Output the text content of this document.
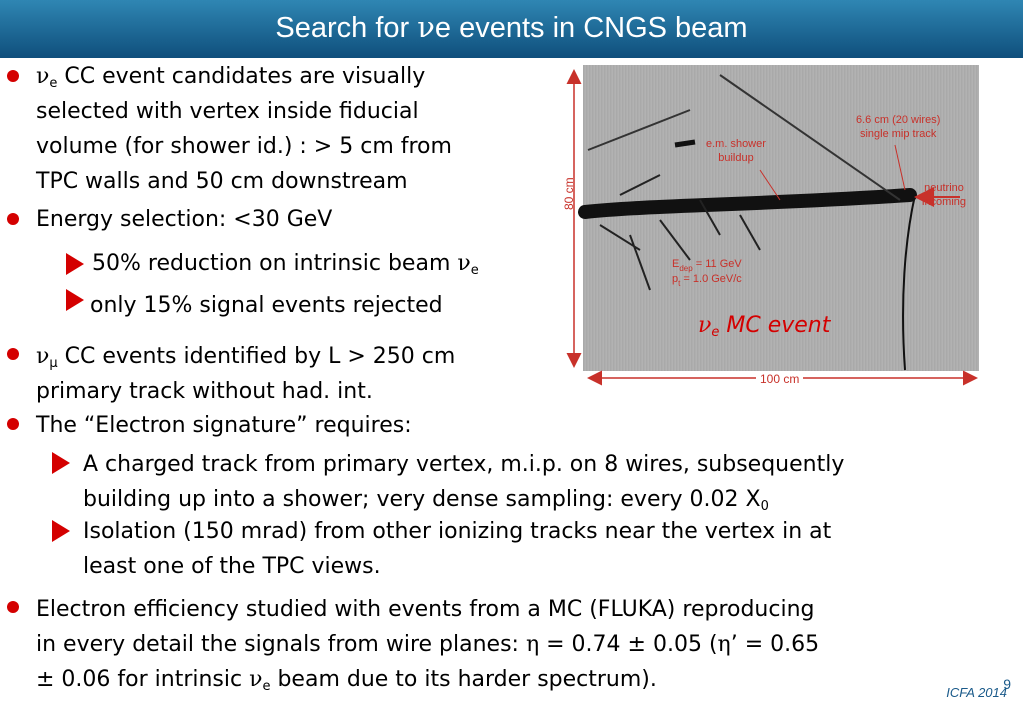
Search for νe events in CNGS beam
$\nu_e$ CC event candidates are visually
selected with vertex inside fiducial
volume (for shower id.) : > 5 cm from
TPC walls and 50 cm downstream
Energy selection: <30 GeV
50% reduction on intrinsic beam $\nu_e$
only 15% signal events rejected
$\nu_\mu$ CC events identified by L > 250 cm
primary track without had. int.
The “Electron signature” requires:
A charged track from primary vertex, m.i.p. on 8 wires, subsequently
building up into a shower; very dense sampling: every 0.02 $X_0$
Isolation (150 mrad) from other ionizing tracks near the vertex in at
least one of the TPC views.
Electron efficiency studied with events from a MC (FLUKA) reproducing
in every detail the signals from wire planes: η = 0.74 ± 0.05 (η’ = 0.65
± 0.06 for intrinsic $\nu_e$ beam due to its harder spectrum).
80 cm
100 cm
e.m. shower
buildup
6.6 cm (20 wires)
single mip track
neutrino
incoming
$E_{dep} = 11$ GeV
$p_t = 1.0$ GeV/c
$\nu_e$ MC event
ICFA 2014
9
